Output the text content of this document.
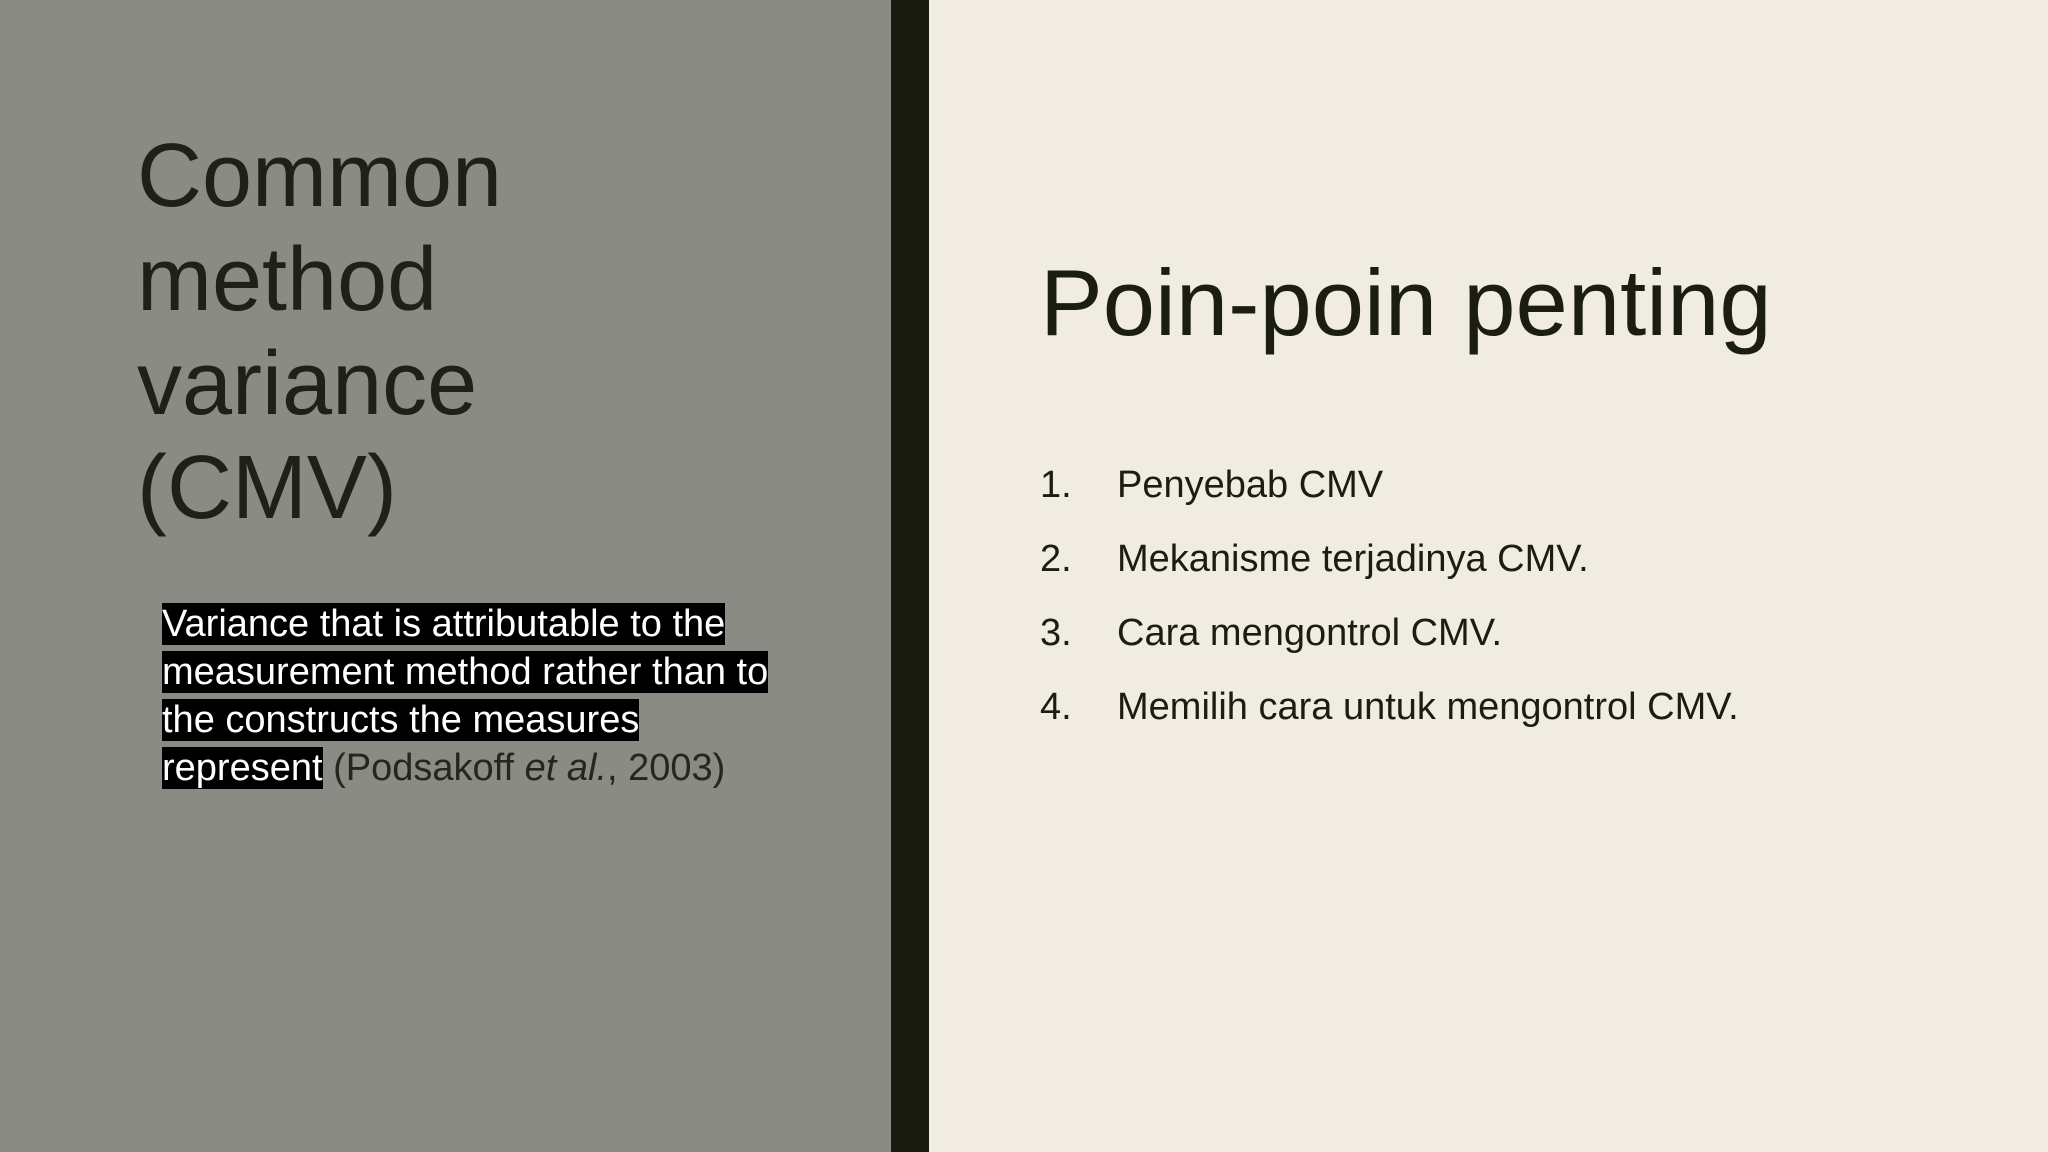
Common
method
variance
(CMV)

Variance that is attributable to the measurement method rather than to the constructs the measures represent (Podsakoff et al., 2003)

Poin-poin penting
1.	Penyebab CMV
2.	Mekanisme terjadinya CMV.
3.	Cara mengontrol CMV.
4.	Memilih cara untuk mengontrol CMV.
